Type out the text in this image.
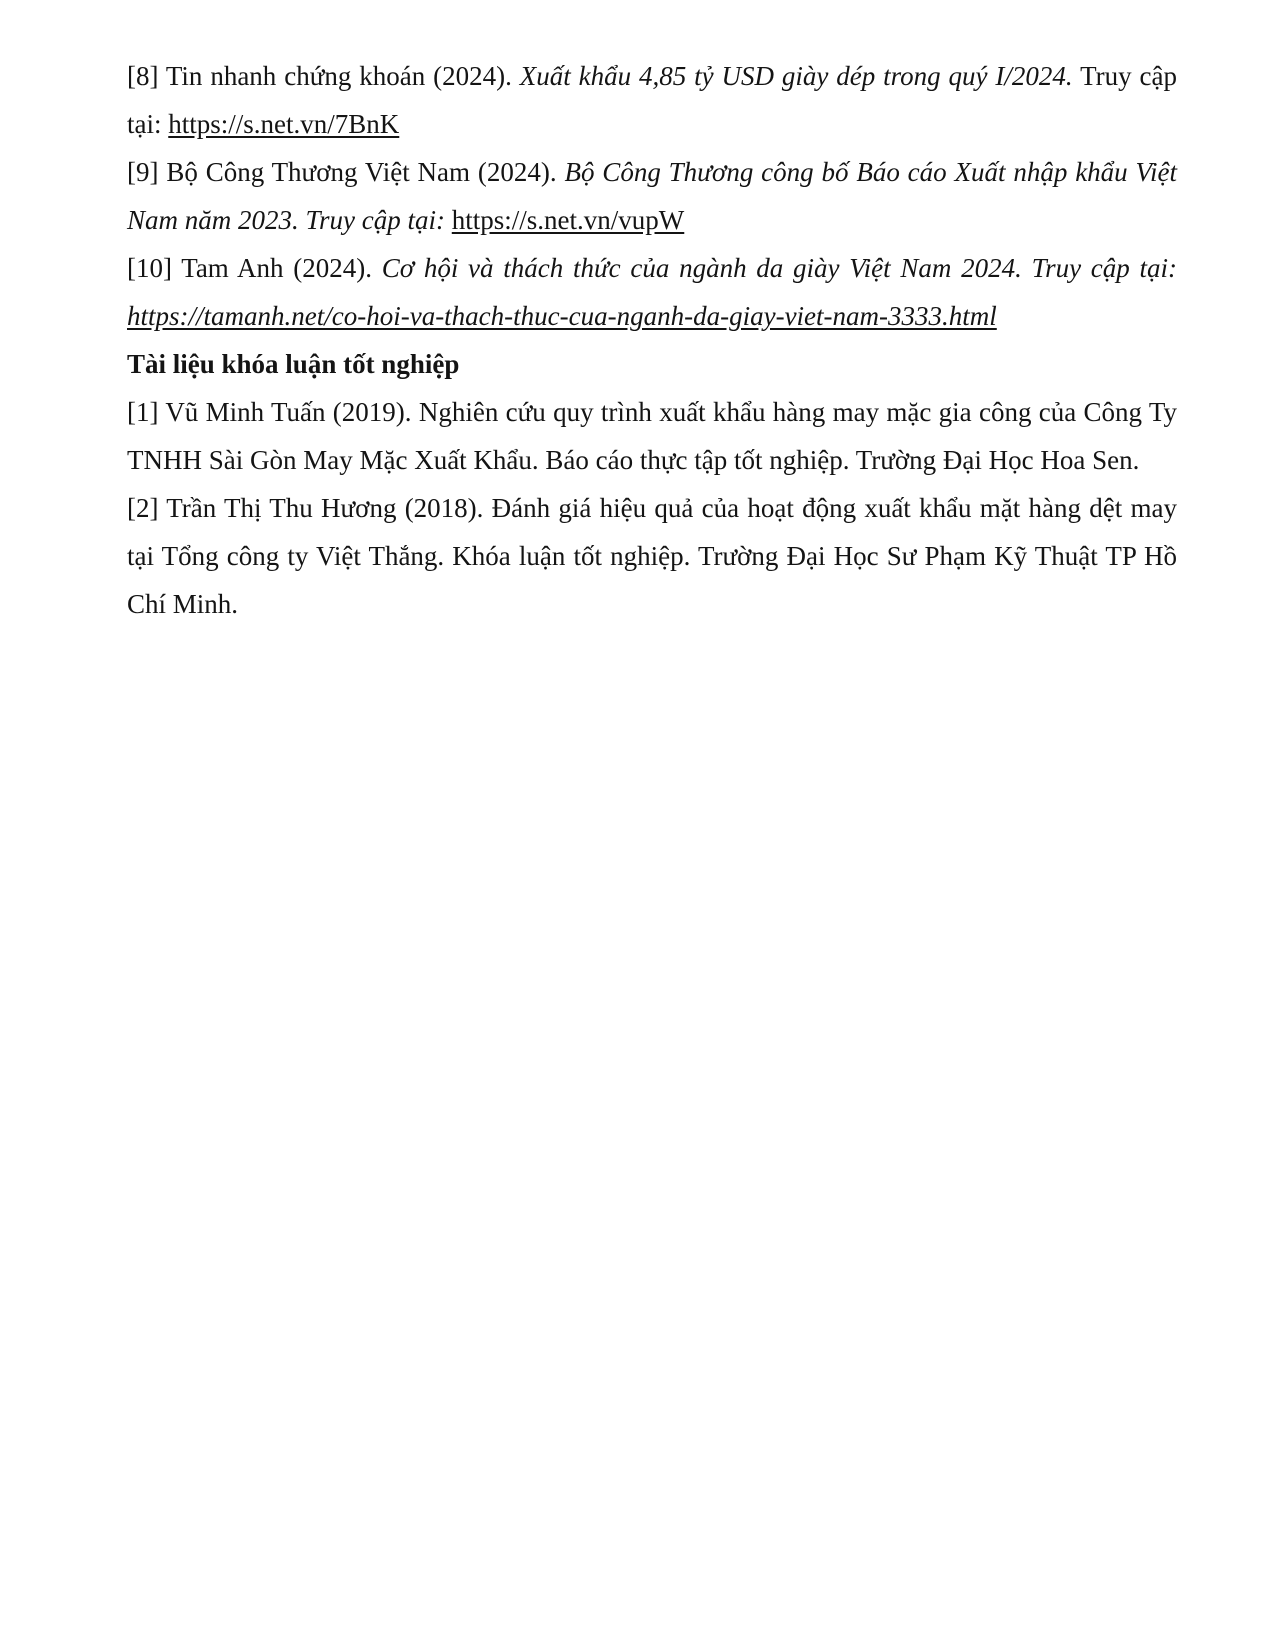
[8] Tin nhanh chứng khoán (2024). Xuất khẩu 4,85 tỷ USD giày dép trong quý I/2024. Truy cập tại: https://s.net.vn/7BnK

[9] Bộ Công Thương Việt Nam (2024). Bộ Công Thương công bố Báo cáo Xuất nhập khẩu Việt Nam năm 2023. Truy cập tại: https://s.net.vn/vupW

[10] Tam Anh (2024). Cơ hội và thách thức của ngành da giày Việt Nam 2024. Truy cập tại: https://tamanh.net/co-hoi-va-thach-thuc-cua-nganh-da-giay-viet-nam-3333.html

Tài liệu khóa luận tốt nghiệp

[1] Vũ Minh Tuấn (2019). Nghiên cứu quy trình xuất khẩu hàng may mặc gia công của Công Ty TNHH Sài Gòn May Mặc Xuất Khẩu. Báo cáo thực tập tốt nghiệp. Trường Đại Học Hoa Sen.

[2] Trần Thị Thu Hương (2018). Đánh giá hiệu quả của hoạt động xuất khẩu mặt hàng dệt may tại Tổng công ty Việt Thắng. Khóa luận tốt nghiệp. Trường Đại Học Sư Phạm Kỹ Thuật TP Hồ Chí Minh.
